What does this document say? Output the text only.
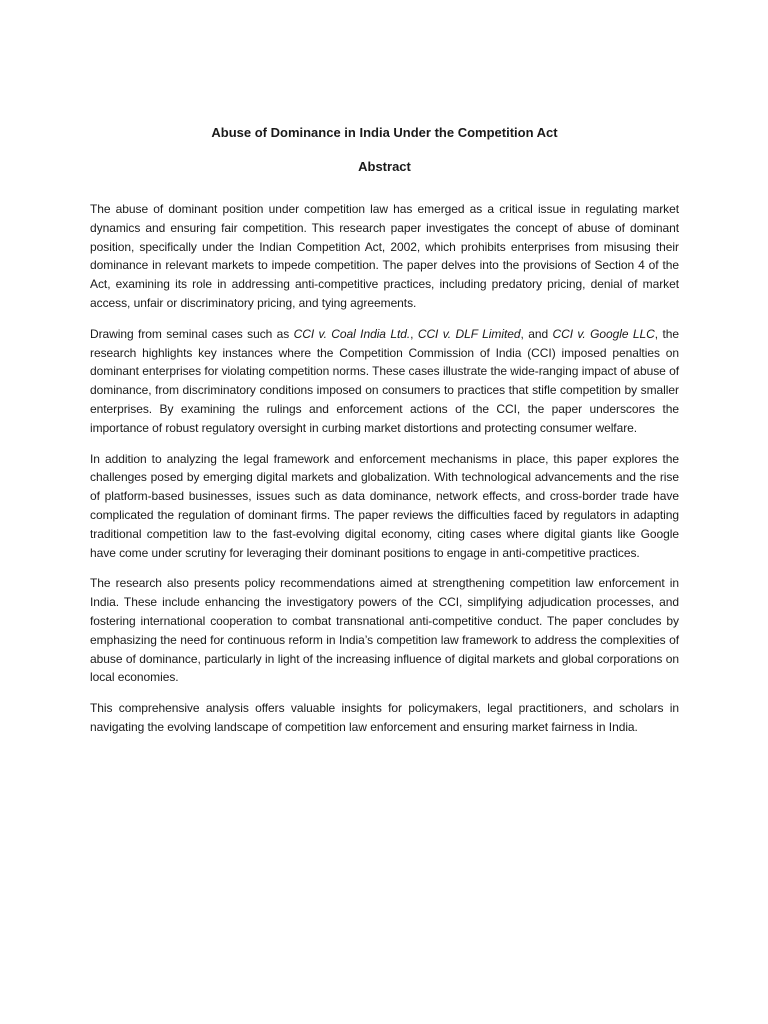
Abuse of Dominance in India Under the Competition Act
Abstract

The abuse of dominant position under competition law has emerged as a critical issue in regulating market dynamics and ensuring fair competition. This research paper investigates the concept of abuse of dominant position, specifically under the Indian Competition Act, 2002, which prohibits enterprises from misusing their dominance in relevant markets to impede competition. The paper delves into the provisions of Section 4 of the Act, examining its role in addressing anti-competitive practices, including predatory pricing, denial of market access, unfair or discriminatory pricing, and tying agreements.

Drawing from seminal cases such as CCI v. Coal India Ltd., CCI v. DLF Limited, and CCI v. Google LLC, the research highlights key instances where the Competition Commission of India (CCI) imposed penalties on dominant enterprises for violating competition norms. These cases illustrate the wide-ranging impact of abuse of dominance, from discriminatory conditions imposed on consumers to practices that stifle competition by smaller enterprises. By examining the rulings and enforcement actions of the CCI, the paper underscores the importance of robust regulatory oversight in curbing market distortions and protecting consumer welfare.

In addition to analyzing the legal framework and enforcement mechanisms in place, this paper explores the challenges posed by emerging digital markets and globalization. With technological advancements and the rise of platform-based businesses, issues such as data dominance, network effects, and cross-border trade have complicated the regulation of dominant firms. The paper reviews the difficulties faced by regulators in adapting traditional competition law to the fast-evolving digital economy, citing cases where digital giants like Google have come under scrutiny for leveraging their dominant positions to engage in anti-competitive practices.

The research also presents policy recommendations aimed at strengthening competition law enforcement in India. These include enhancing the investigatory powers of the CCI, simplifying adjudication processes, and fostering international cooperation to combat transnational anti-competitive conduct. The paper concludes by emphasizing the need for continuous reform in India’s competition law framework to address the complexities of abuse of dominance, particularly in light of the increasing influence of digital markets and global corporations on local economies.

This comprehensive analysis offers valuable insights for policymakers, legal practitioners, and scholars in navigating the evolving landscape of competition law enforcement and ensuring market fairness in India.
